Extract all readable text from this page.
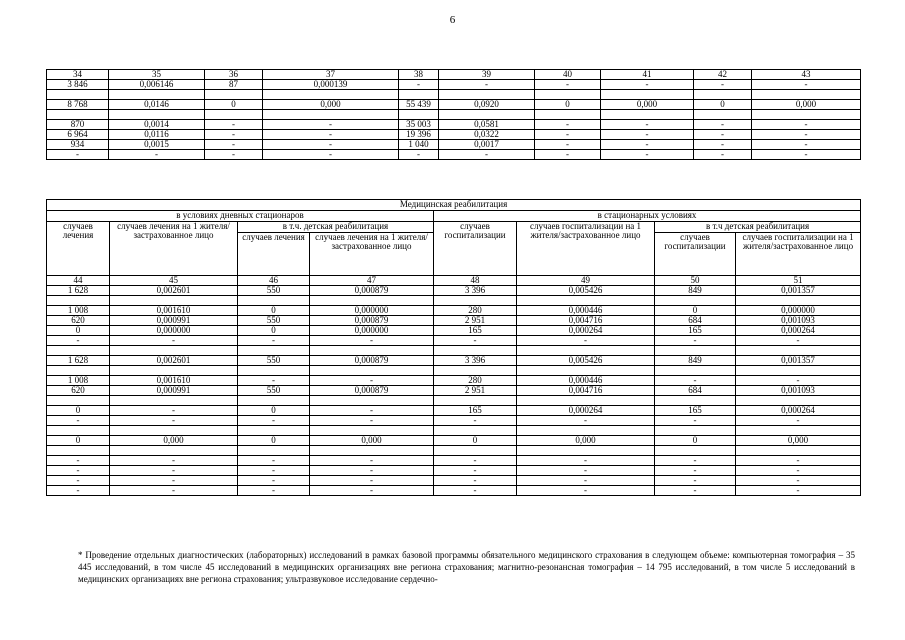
6
34	35	36	37	38	39	40	41	42	43
3 846	0,006146	87	0,000139	-	-	-	-	-	-

8 768	0,0146	0	0,000	55 439	0,0920	0	0,000	0	0,000

870	0,0014	-	-	35 003	0,0581	-	-	-	-
6 964	0,0116	-	-	19 396	0,0322	-	-	-	-
934	0,0015	-	-	1 040	0,0017	-	-	-	-
-	-	-	-	-	-	-	-	-	-
Медицинская реабилитация							
в условиях дневных стационаров				в стационарных условиях			
случаев лечения	случаев лечения на 1 жителя/застрахованное лицо	в т.ч. детская реабилитация		случаев госпитализации	случаев госпитализации на 1 жителя/застрахованное лицо	в т.ч детская реабилитация	
		случаев лечения	случаев лечения на 1 жителя/застрахованное лицо			случаев госпитализации	случаев госпитализации на 1 жителя/застрахованное лицо
44	45	46	47	48	49	50	51
1 628	0,002601	550	0,000879	3 396	0,005426	849	0,001357

1 008	0,001610	0	0,000000	280	0,000446	0	0,000000
620	0,000991	550	0,000879	2 951	0,004716	684	0,001093
0	0,000000	0	0,000000	165	0,000264	165	0,000264
-	-	-	-	-	-	-	-

1 628	0,002601	550	0,000879	3 396	0,005426	849	0,001357

1 008	0,001610	-	-	280	0,000446	-	-
620	0,000991	550	0,000879	2 951	0,004716	684	0,001093

0	-	0	-	165	0,000264	165	0,000264
-	-	-	-	-	-	-	-

0	0,000	0	0,000	0	0,000	0	0,000

-	-	-	-	-	-	-	-
-	-	-	-	-	-	-	-
-	-	-	-	-	-	-	-
-	-	-	-	-	-	-	-
* Проведение отдельных диагностических (лабораторных) исследований в рамках базовой программы обязательного медицинского страхования в следующем объеме: компьютерная томография – 35 445 исследований, в том числе 45 исследований в медицинских организациях вне региона страхования; магнитно-резонансная томография – 14 795 исследований, в том числе 5 исследований в медицинских организациях вне региона страхования; ультразвуковое исследование сердечно-
